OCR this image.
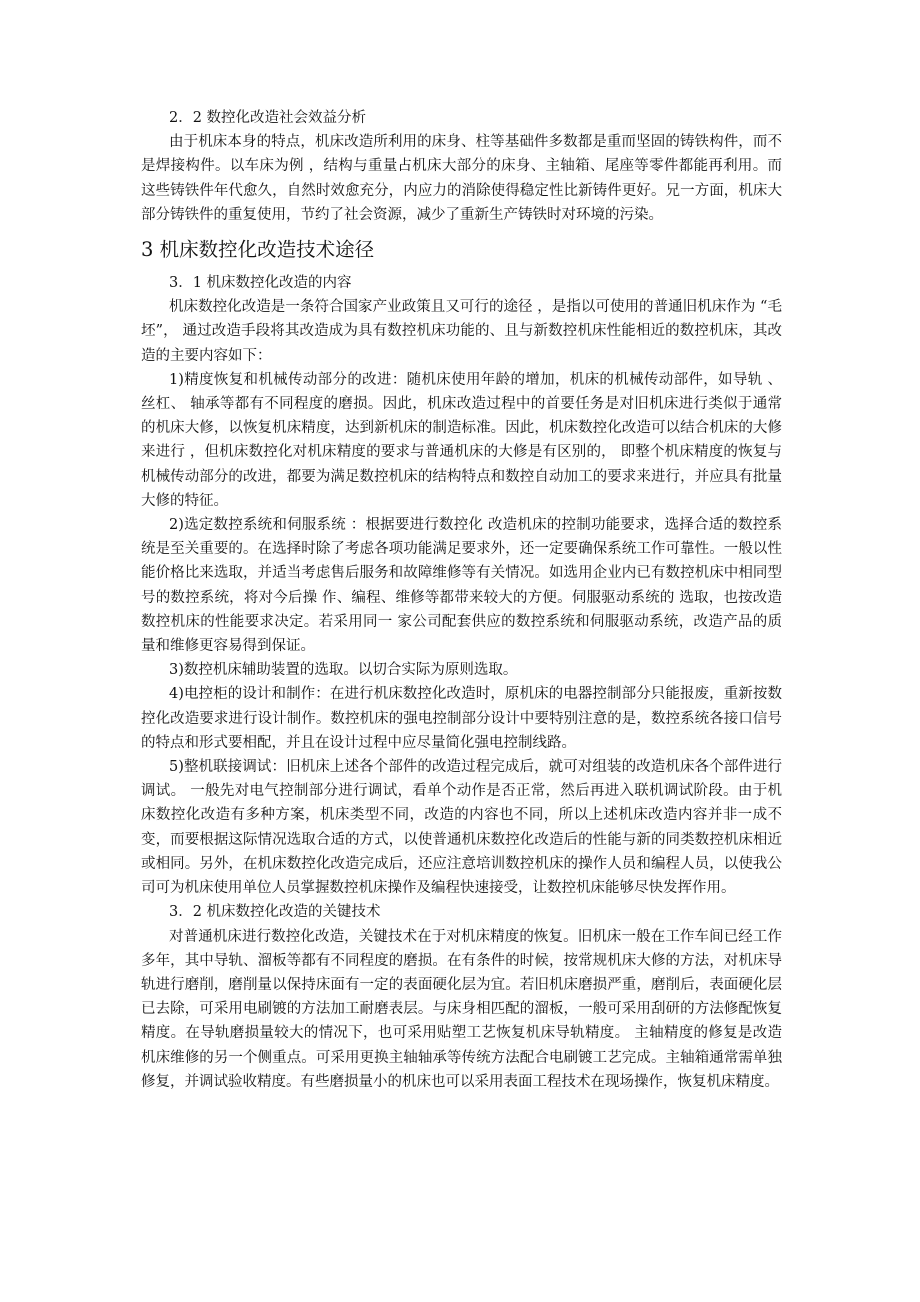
2．2 数控化改造社会效益分析

由于机床本身的特点，机床改造所利用的床身、柱等基础件多数都是重而坚固的铸铁构件，而不是焊接构件。以车床为例 ，结构与重量占机床大部分的床身、主轴箱、尾座等零件都能再利用。而这些铸铁件年代愈久，自然时效愈充分，内应力的消除使得稳定性比新铸件更好。兄一方面，机床大部分铸铁件的重复使用，节约了社会资源，减少了重新生产铸铁时对环境的污染。

3 机床数控化改造技术途径

3．1 机床数控化改造的内容

机床数控化改造是一条符合国家产业政策且又可行的途径 ，是指以可使用的普通旧机床作为 “毛坯”， 通过改造手段将其改造成为具有数控机床功能的、且与新数控机床性能相近的数控机床，其改造的主要内容如下：

1)精度恢复和机械传动部分的改进：随机床使用年龄的增加，机床的机械传动部件，如导轨 、丝杠、 轴承等都有不同程度的磨损。因此，机床改造过程中的首要任务是对旧机床进行类似于通常的机床大修，以恢复机床精度，达到新机床的制造标准。因此，机床数控化改造可以结合机床的大修来进行 ，但机床数控化对机床精度的要求与普通机床的大修是有区别的， 即整个机床精度的恢复与机械传动部分的改进，都要为满足数控机床的结构特点和数控自动加工的要求来进行，并应具有批量大修的特征。

2)选定数控系统和伺服系统 ：根据要进行数控化 改造机床的控制功能要求，选择合适的数控系统是至关重要的。在选择时除了考虑各项功能满足要求外，还一定要确保系统工作可靠性。一般以性能价格比来选取，并适当考虑售后服务和故障维修等有关情况。如选用企业内已有数控机床中相同型号的数控系统，将对今后操 作、编程、维修等都带来较大的方便。伺服驱动系统的 选取，也按改造数控机床的性能要求决定。若采用同一 家公司配套供应的数控系统和伺服驱动系统，改造产品的质量和维修更容易得到保证。

3)数控机床辅助装置的选取。以切合实际为原则选取。

4)电控柜的设计和制作：在进行机床数控化改造时，原机床的电器控制部分只能报废，重新按数控化改造要求进行设计制作。数控机床的强电控制部分设计中要特别注意的是，数控系统各接口信号的特点和形式要相配，并且在设计过程中应尽量简化强电控制线路。

5)整机联接调试：旧机床上述各个部件的改造过程完成后，就可对组装的改造机床各个部件进行调试。 一般先对电气控制部分进行调试，看单个动作是否正常，然后再进入联机调试阶段。由于机床数控化改造有多种方案，机床类型不同，改造的内容也不同，所以上述机床改造内容并非一成不变，而要根据这际情况选取合适的方式，以使普通机床数控化改造后的性能与新的同类数控机床相近或相同。另外，在机床数控化改造完成后，还应注意培训数控机床的操作人员和编程人员，以使我公司可为机床使用单位人员掌握数控机床操作及编程快速接受，让数控机床能够尽快发挥作用。

3．2 机床数控化改造的关键技术

对普通机床进行数控化改造，关键技术在于对机床精度的恢复。旧机床一般在工作车间已经工作多年，其中导轨、溜板等都有不同程度的磨损。在有条件的时候，按常规机床大修的方法，对机床导轨进行磨削，磨削量以保持床面有一定的表面硬化层为宜。若旧机床磨损严重，磨削后，表面硬化层已去除，可采用电刷镀的方法加工耐磨表层。与床身相匹配的溜板，一般可采用刮研的方法修配恢复精度。在导轨磨损量较大的情况下，也可采用贴塑工艺恢复机床导轨精度。 主轴精度的修复是改造机床维修的另一个侧重点。可采用更换主轴轴承等传统方法配合电刷镀工艺完成。主轴箱通常需单独修复，并调试验收精度。有些磨损量小的机床也可以采用表面工程技术在现场操作，恢复机床精度。
